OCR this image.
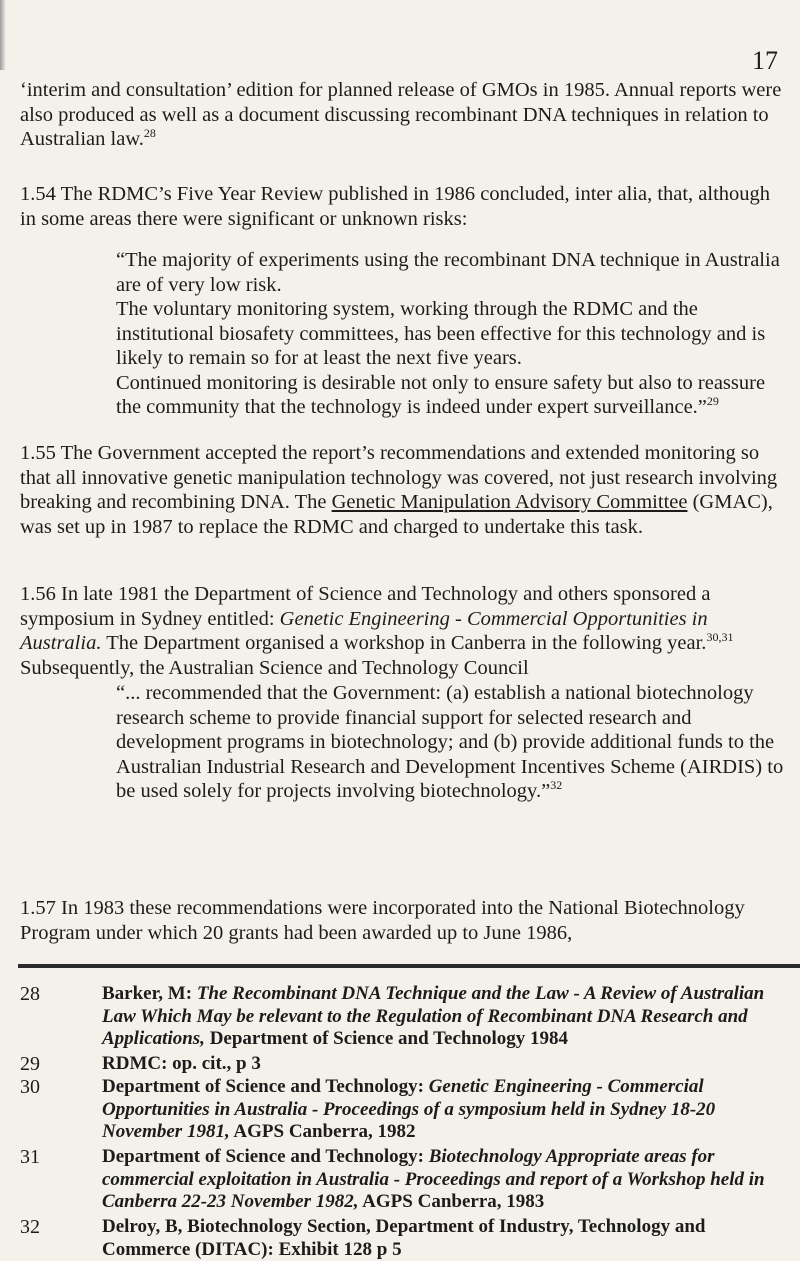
17
‘interim and consultation’ edition for planned release of GMOs in 1985. Annual reports were also produced as well as a document discussing recombinant DNA techniques in relation to Australian law.$^{28}$
1.54 The RDMC’s Five Year Review published in 1986 concluded, inter alia, that, although in some areas there were significant or unknown risks:

“The majority of experiments using the recombinant DNA technique in Australia are of very low risk.

The voluntary monitoring system, working through the RDMC and the institutional biosafety committees, has been effective for this technology and is likely to remain so for at least the next five years.

Continued monitoring is desirable not only to ensure safety but also to reassure the community that the technology is indeed under expert surveillance.”$^{29}$

1.55 The Government accepted the report’s recommendations and extended monitoring so that all innovative genetic manipulation technology was covered, not just research involving breaking and recombining DNA. The Genetic Manipulation Advisory Committee (GMAC), was set up in 1987 to replace the RDMC and charged to undertake this task.
1.56 In late 1981 the Department of Science and Technology and others sponsored a symposium in Sydney entitled: Genetic Engineering - Commercial Opportunities in Australia. The Department organised a workshop in Canberra in the following year.$^{30,31}$ Subsequently, the Australian Science and Technology Council
“... recommended that the Government: (a) establish a national biotechnology research scheme to provide financial support for selected research and development programs in biotechnology; and (b) provide additional funds to the Australian Industrial Research and Development Incentives Scheme (AIRDIS) to be used solely for projects involving biotechnology.”$^{32}$
1.57 In 1983 these recommendations were incorporated into the National Biotechnology Program under which 20 grants had been awarded up to June 1986,
28	Barker, M: The Recombinant DNA Technique and the Law - A Review of Australian Law Which May be relevant to the Regulation of Recombinant DNA Research and Applications, Department of Science and Technology 1984
29	RDMC: op. cit., p 3
30	Department of Science and Technology: Genetic Engineering - Commercial Opportunities in Australia - Proceedings of a symposium held in Sydney 18-20 November 1981, AGPS Canberra, 1982
31	Department of Science and Technology: Biotechnology Appropriate areas for commercial exploitation in Australia - Proceedings and report of a Workshop held in Canberra 22-23 November 1982, AGPS Canberra, 1983
32	Delroy, B, Biotechnology Section, Department of Industry, Technology and Commerce (DITAC): Exhibit 128 p 5
